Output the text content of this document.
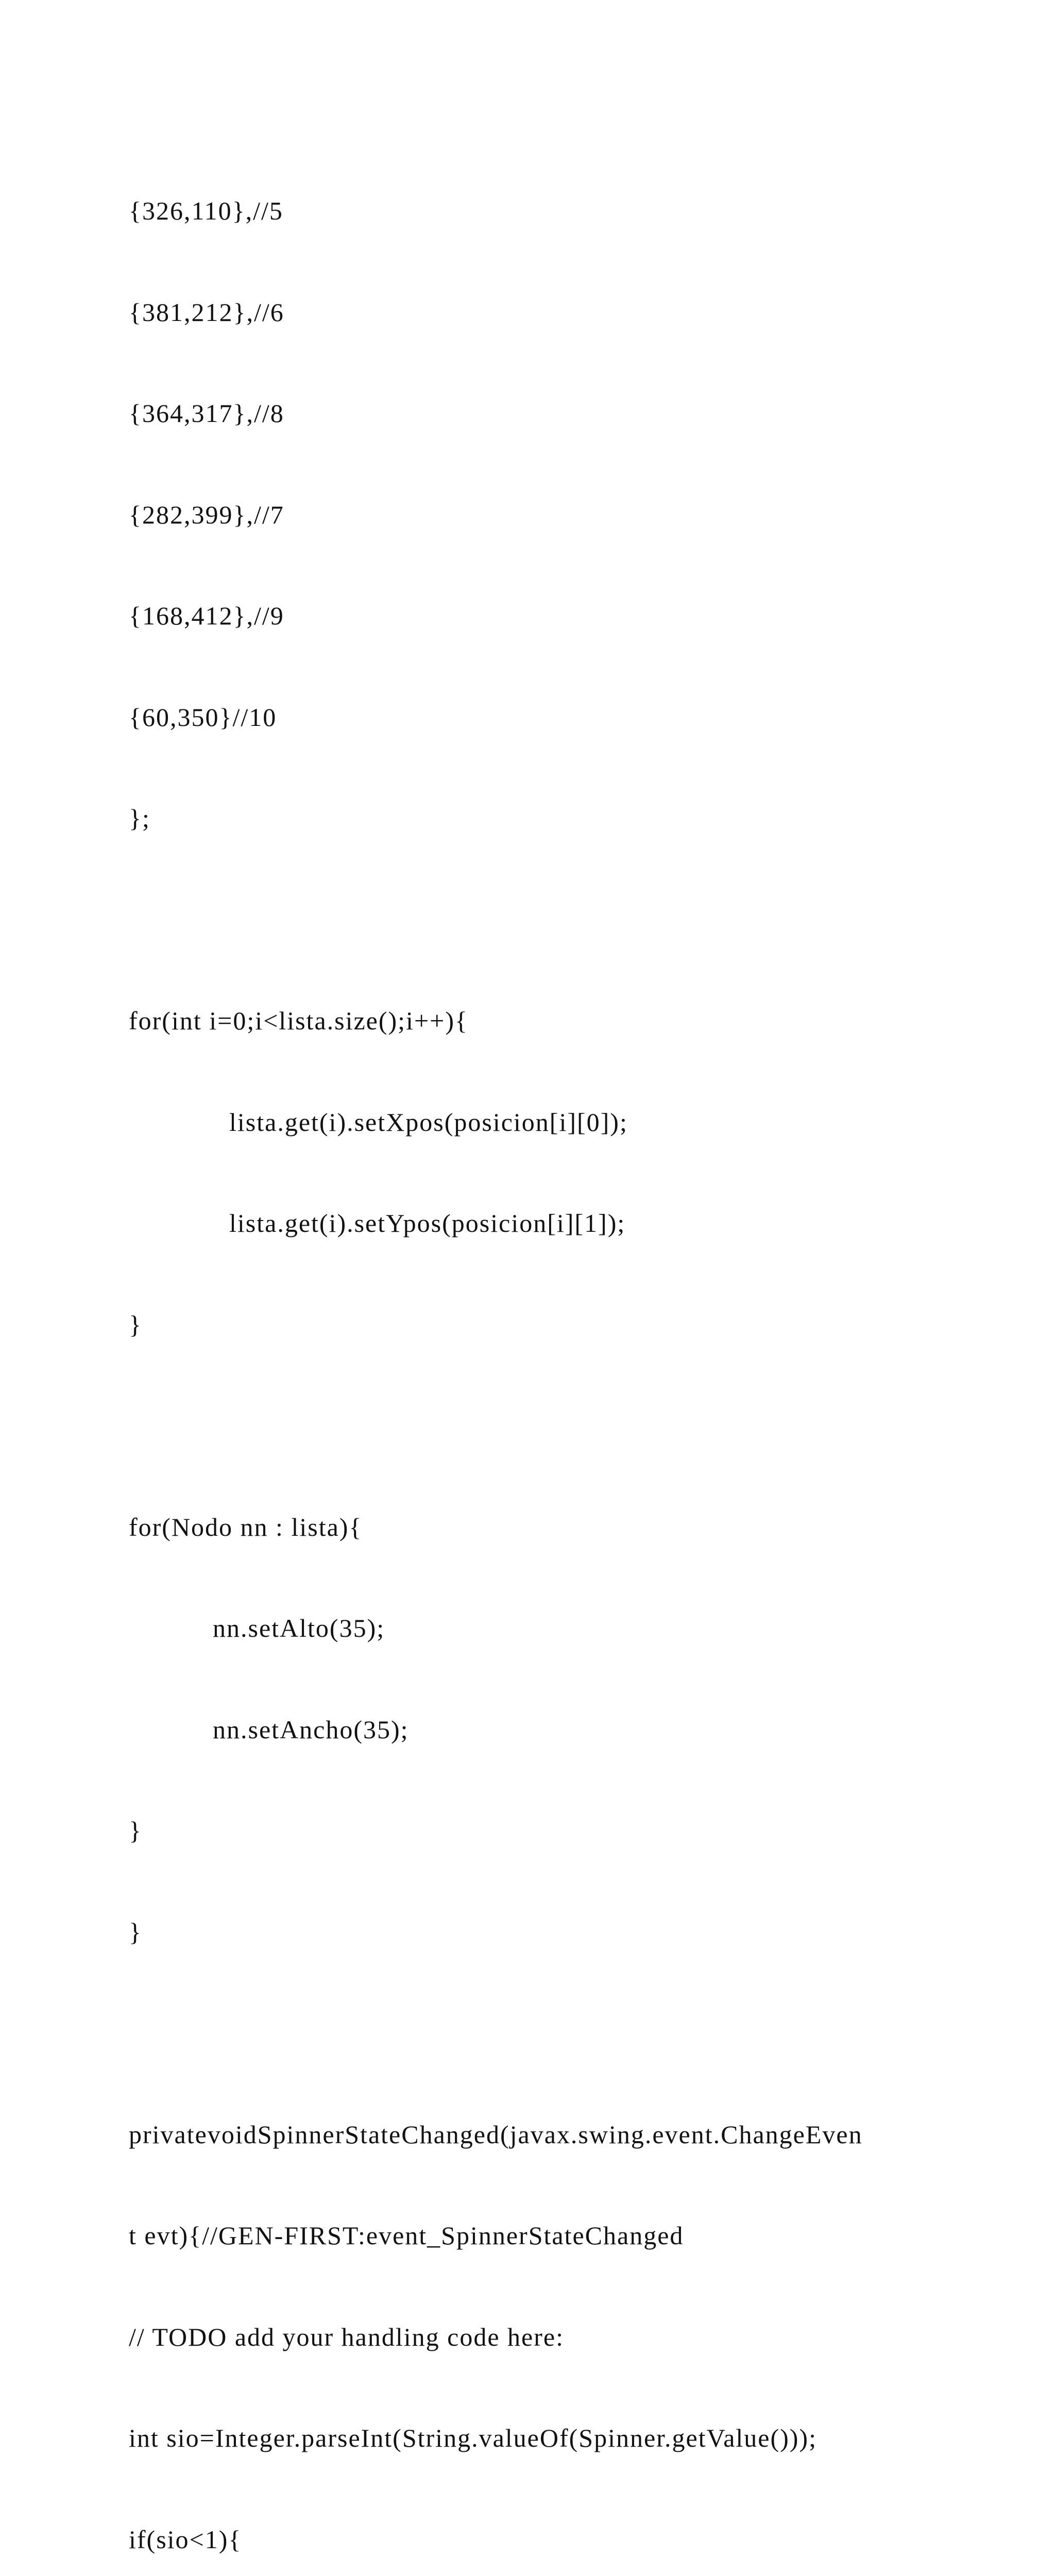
{326,110},//5

{381,212},//6

{364,317},//8

{282,399},//7

{168,412},//9

{60,350}//10

};

for(int i=0;i<lista.size();i++){

lista.get(i).setXpos(posicion[i][0]);

lista.get(i).setYpos(posicion[i][1]);

}

for(Nodo nn : lista){

nn.setAlto(35);

nn.setAncho(35);

}

}

privatevoidSpinnerStateChanged(javax.swing.event.ChangeEven

t evt){//GEN-FIRST:event_SpinnerStateChanged

// TODO add your handling code here:

int sio=Integer.parseInt(String.valueOf(Spinner.getValue()));

if(sio<1){
